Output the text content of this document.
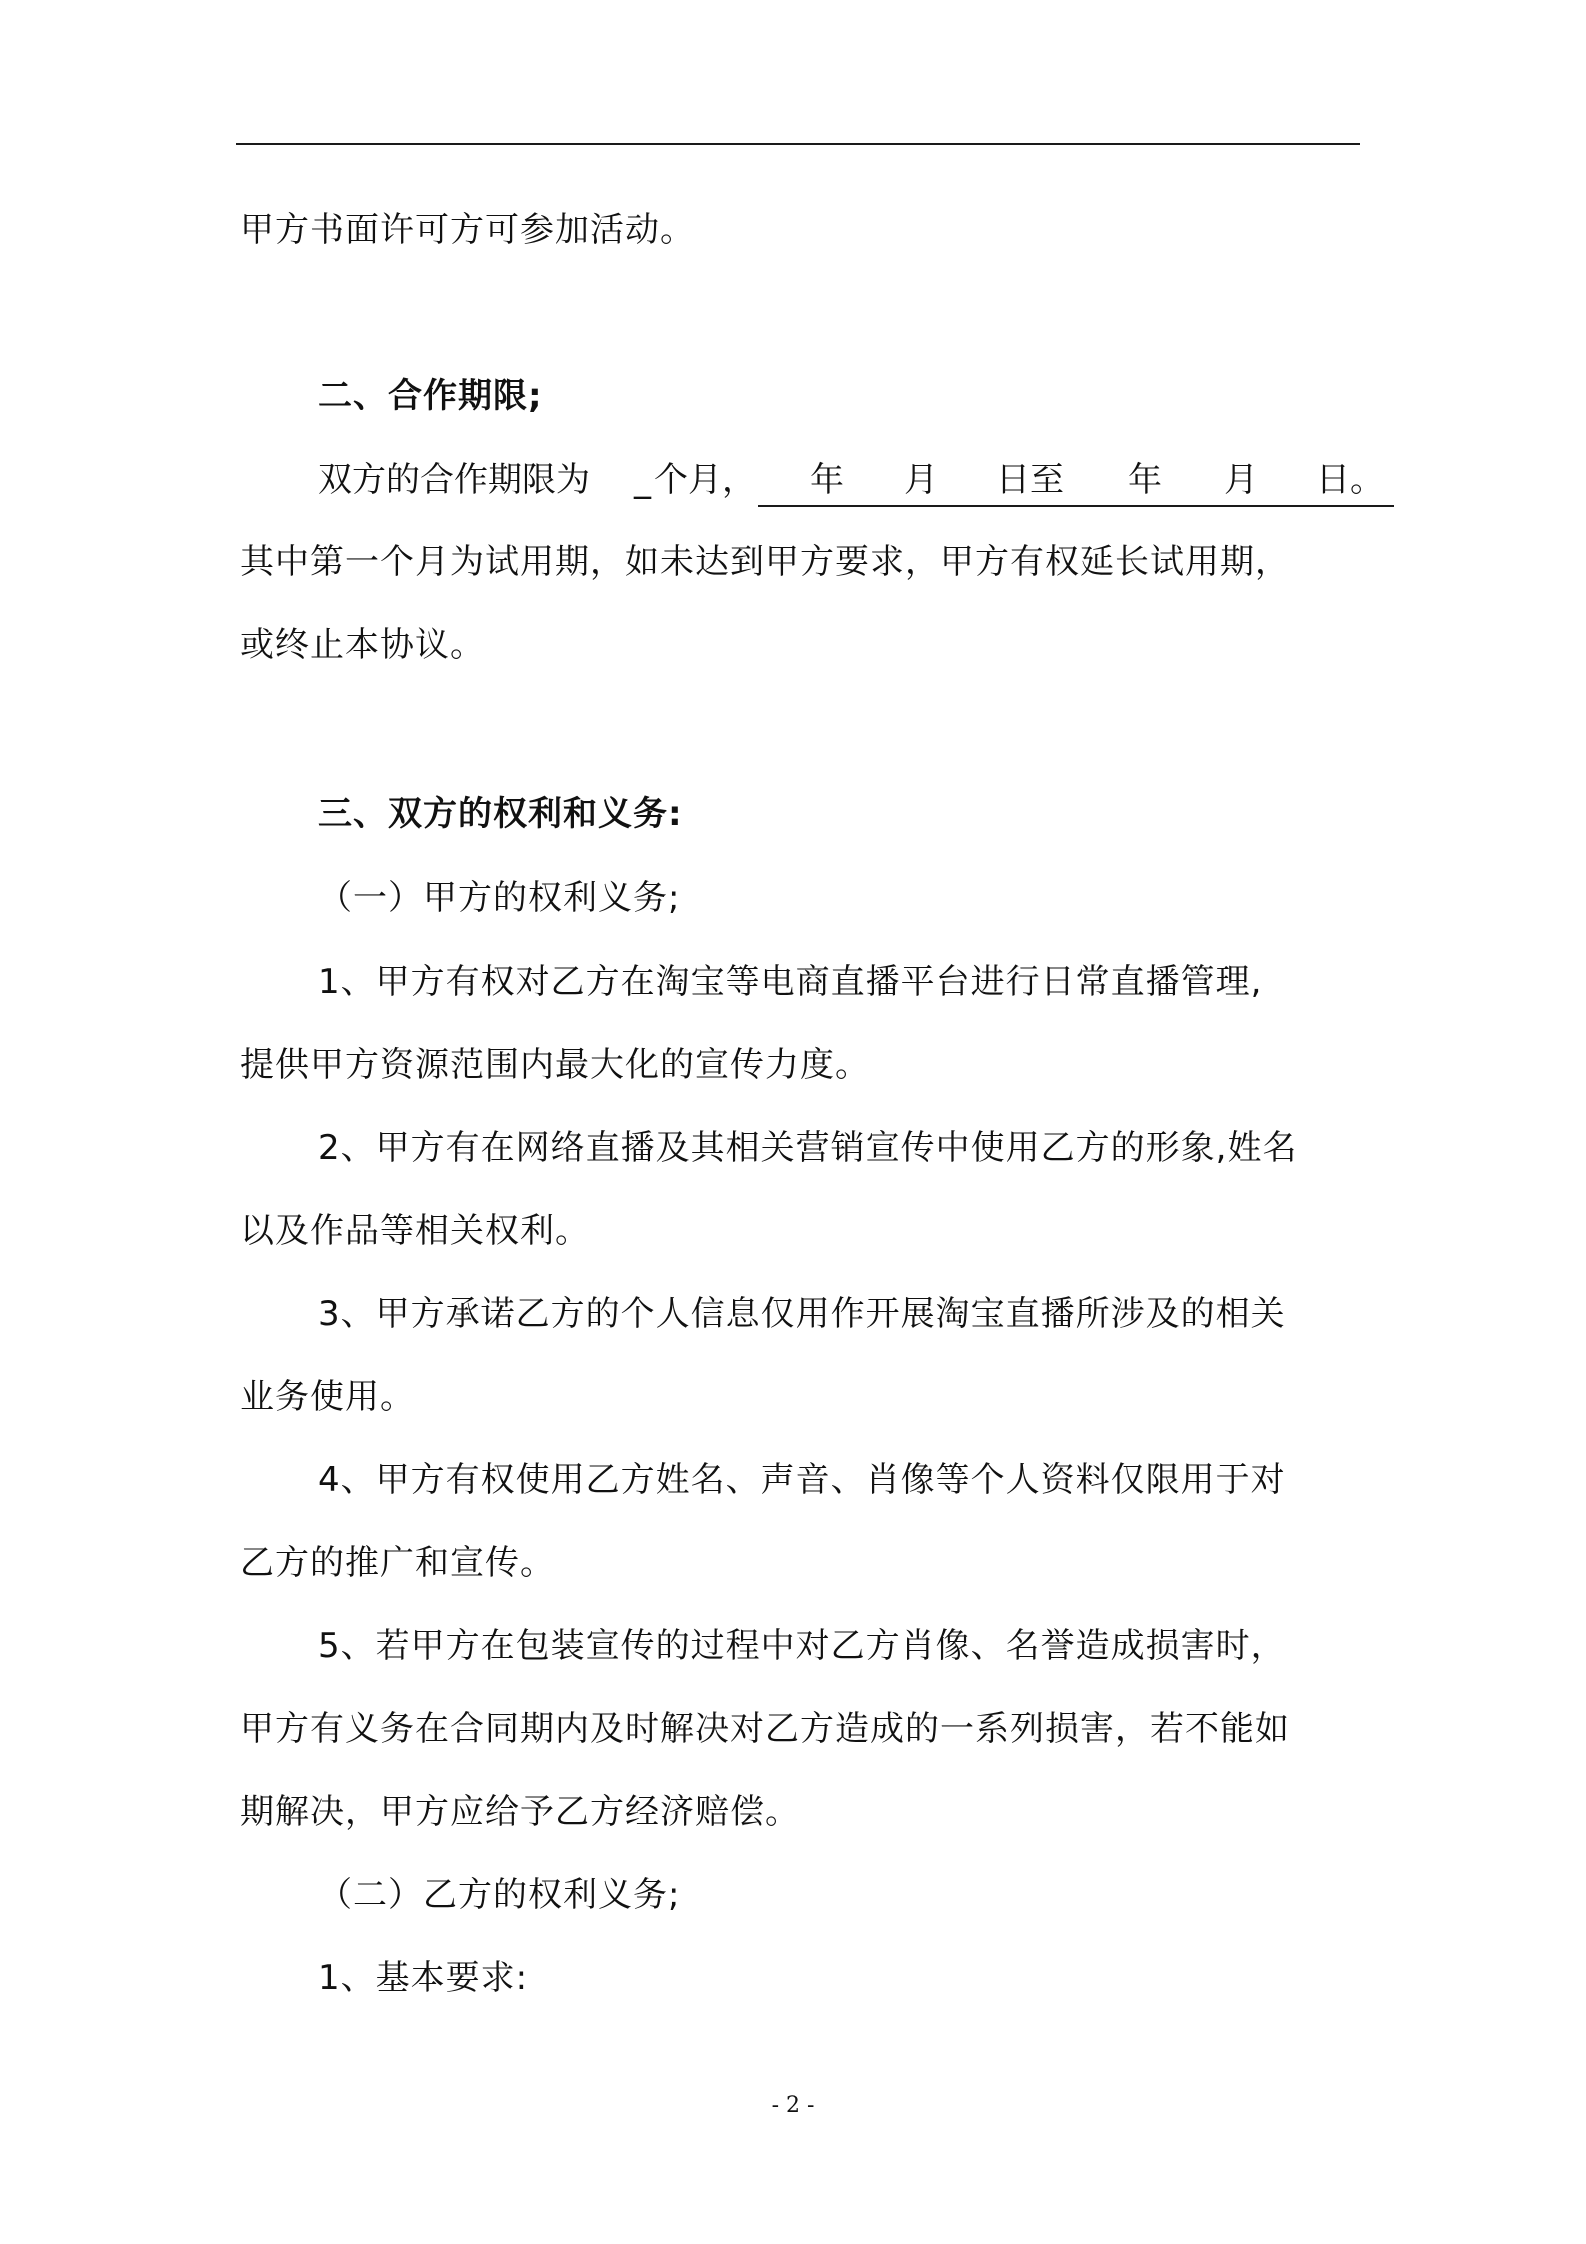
甲方书面许可方可参加活动。
二、合作期限;
双方的合作期限为 _ 个月， 年 月 日至 年 月 日。
其中第一个月为试用期，如未达到甲方要求，甲方有权延长试用期，
或终止本协议。
三、双方的权利和义务:
（一）甲方的权利义务;
1、甲方有权对乙方在淘宝等电商直播平台进行日常直播管理,
提供甲方资源范围内最大化的宣传力度。
2、甲方有在网络直播及其相关营销宣传中使用乙方的形象,姓名
以及作品等相关权利。
3、甲方承诺乙方的个人信息仅用作开展淘宝直播所涉及的相关
业务使用。
4、甲方有权使用乙方姓名、声音、肖像等个人资料仅限用于对
乙方的推广和宣传。
5、若甲方在包装宣传的过程中对乙方肖像、名誉造成损害时，
甲方有义务在合同期内及时解决对乙方造成的一系列损害，若不能如
期解决，甲方应给予乙方经济赔偿。
（二）乙方的权利义务;
1、基本要求:
- 2 -
